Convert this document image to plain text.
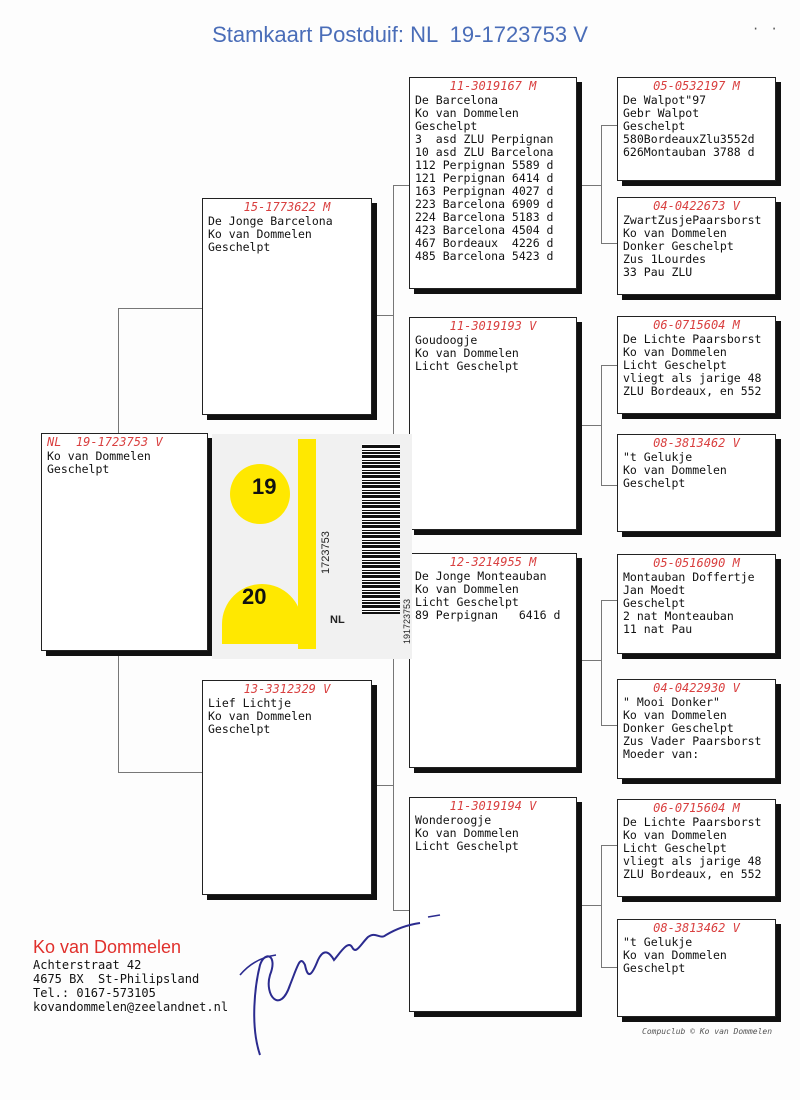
Stamkaart Postduif: NL  19-1723753 V	· ·
NL  19-1723753 V
Ko van Dommelen
Geschelpt
15-1773622 M
De Jonge Barcelona
Ko van Dommelen
Geschelpt
13-3312329 V
Lief Lichtje
Ko van Dommelen
Geschelpt
11-3019167 M
De Barcelona
Ko van Dommelen
Geschelpt
3  asd ZLU Perpignan
10 asd ZLU Barcelona
112 Perpignan 5589 d
121 Perpignan 6414 d
163 Perpignan 4027 d
223 Barcelona 6909 d
224 Barcelona 5183 d
423 Barcelona 4504 d
467 Bordeaux  4226 d
485 Barcelona 5423 d
11-3019193 V
Goudoogje
Ko van Dommelen
Licht Geschelpt
12-3214955 M
De Jonge Monteauban
Ko van Dommelen
Licht Geschelpt
89 Perpignan   6416 d
11-3019194 V
Wonderoogje
Ko van Dommelen
Licht Geschelpt
05-0532197 M
De Walpot"97
Gebr Walpot
Geschelpt
580BordeauxZlu3552d
626Montauban 3788 d
04-0422673 V
ZwartZusjePaarsborst
Ko van Dommelen
Donker Geschelpt
Zus 1Lourdes
33 Pau ZLU
06-0715604 M
De Lichte Paarsborst
Ko van Dommelen
Licht Geschelpt
vliegt als jarige 48
ZLU Bordeaux, en 552
08-3813462 V
"t Gelukje
Ko van Dommelen
Geschelpt
05-0516090 M
Montauban Doffertje
Jan Moedt
Geschelpt
2 nat Monteauban
11 nat Pau
04-0422930 V
" Mooi Donker"
Ko van Dommelen
Donker Geschelpt
Zus Vader Paarsborst
Moeder van:
06-0715604 M
De Lichte Paarsborst
Ko van Dommelen
Licht Geschelpt
vliegt als jarige 48
ZLU Bordeaux, en 552
08-3813462 V
"t Gelukje
Ko van Dommelen
Geschelpt
20
19
NL
1723753
191723753
Ko van Dommelen
Achterstraat 42
4675 BX  St-Philipsland
Tel.: 0167-573105
kovandommelen@zeelandnet.nl
Compuclub © Ko van Dommelen
